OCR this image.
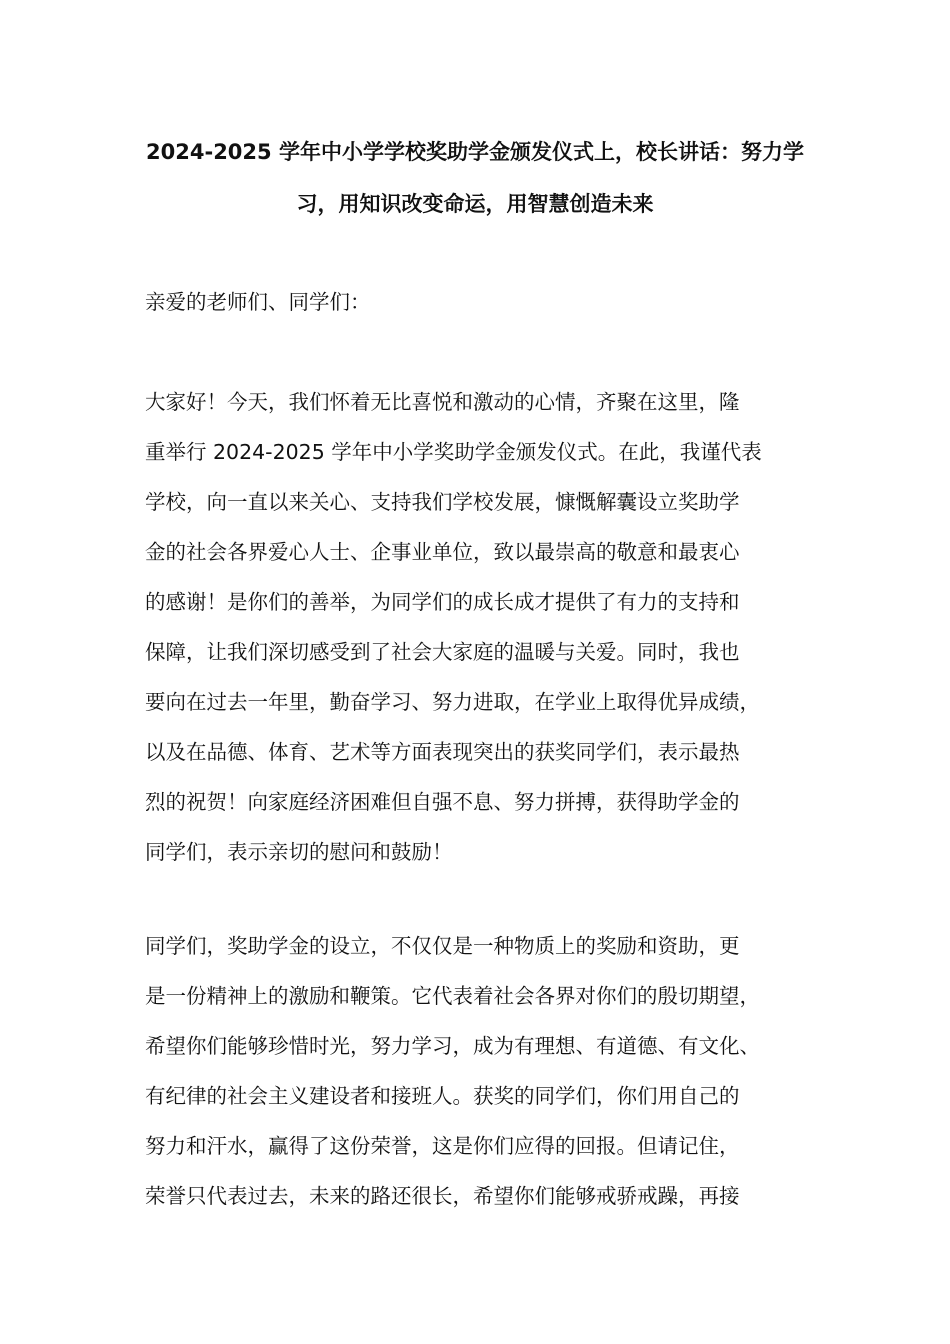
2024-2025 学年中小学学校奖助学金颁发仪式上，校长讲话：努力学
习，用知识改变命运，用智慧创造未来

亲爱的老师们、同学们：

大家好！今天，我们怀着无比喜悦和激动的心情，齐聚在这里，隆
重举行 2024-2025 学年中小学奖助学金颁发仪式。在此，我谨代表
学校，向一直以来关心、支持我们学校发展，慷慨解囊设立奖助学
金的社会各界爱心人士、企事业单位，致以最崇高的敬意和最衷心
的感谢！是你们的善举，为同学们的成长成才提供了有力的支持和
保障，让我们深切感受到了社会大家庭的温暖与关爱。同时，我也
要向在过去一年里，勤奋学习、努力进取，在学业上取得优异成绩，
以及在品德、体育、艺术等方面表现突出的获奖同学们，表示最热
烈的祝贺！向家庭经济困难但自强不息、努力拼搏，获得助学金的
同学们，表示亲切的慰问和鼓励！

同学们，奖助学金的设立，不仅仅是一种物质上的奖励和资助，更
是一份精神上的激励和鞭策。它代表着社会各界对你们的殷切期望，
希望你们能够珍惜时光，努力学习，成为有理想、有道德、有文化、
有纪律的社会主义建设者和接班人。获奖的同学们，你们用自己的
努力和汗水，赢得了这份荣誉，这是你们应得的回报。但请记住，
荣誉只代表过去，未来的路还很长，希望你们能够戒骄戒躁，再接
